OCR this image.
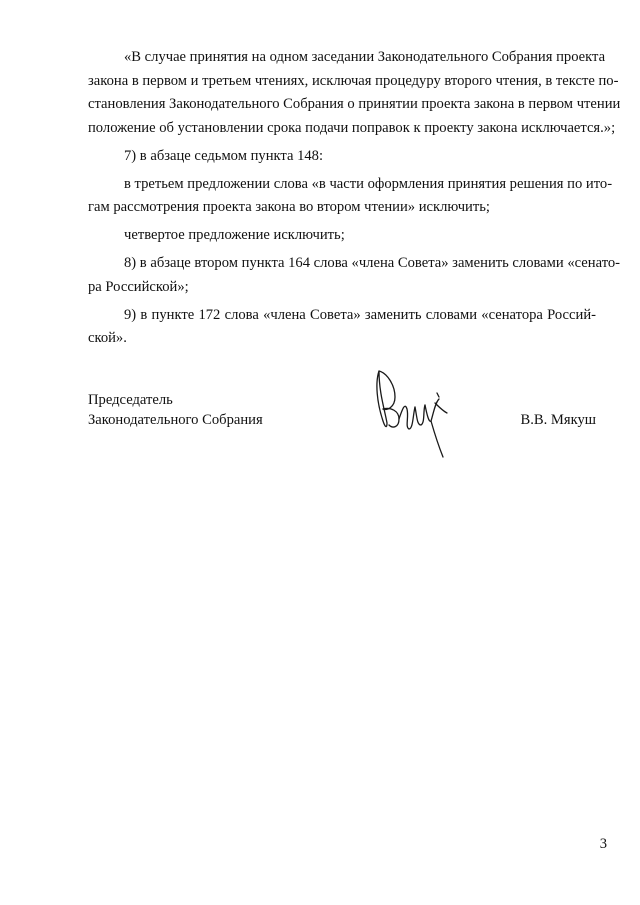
«В случае принятия на одном заседании Законодательного Собрания проекта
закона в первом и третьем чтениях, исключая процедуру второго чтения, в тексте по-
становления Законодательного Собрания о принятии проекта закона в первом чтении
положение об установлении срока подачи поправок к проекту закона исключается.»;
7) в абзаце седьмом пункта 148:
в третьем предложении слова «в части оформления принятия решения по ито-
гам рассмотрения проекта закона во втором чтении» исключить;
четвертое предложение исключить;
8) в абзаце втором пункта 164 слова «члена Совета» заменить словами «сенато-
ра Российской»;
9) в пункте 172 слова «члена Совета» заменить словами «сенатора Россий-
ской».
Председатель
Законодательного Собрания	В.В. Мякуш
3
